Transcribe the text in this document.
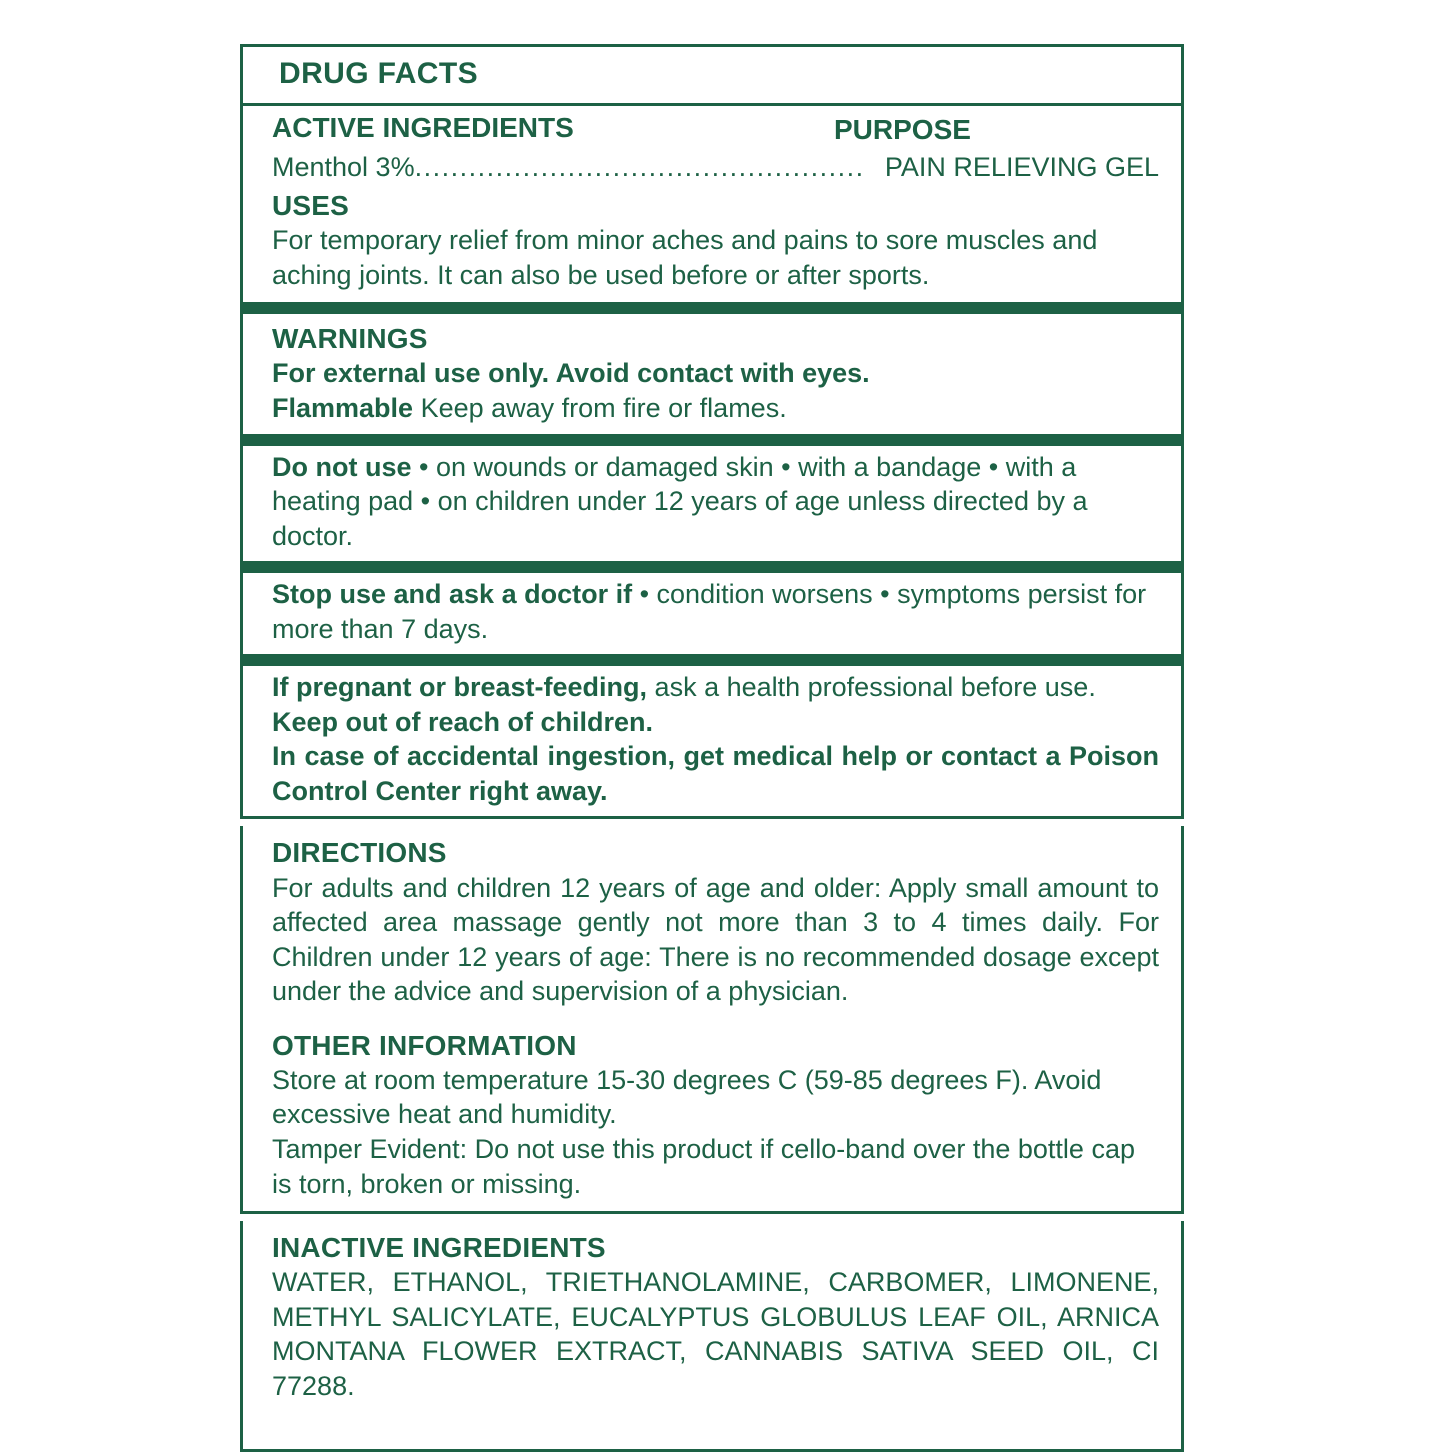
DRUG FACTS
ACTIVE INGREDIENTS	PURPOSE
Menthol 3% .................................................. PAIN RELIEVING GEL
USES

For temporary relief from minor aches and pains to sore muscles and aching joints. It can also be used before or after sports.

WARNINGS

For external use only. Avoid contact with eyes.

Flammable Keep away from fire or flames.

Do not use • on wounds or damaged skin • with a bandage • with a heating pad • on children under 12 years of age unless directed by a doctor.

Stop use and ask a doctor if • condition worsens • symptoms persist for more than 7 days.

If pregnant or breast-feeding, ask a health professional before use.

Keep out of reach of children.

In case of accidental ingestion, get medical help or contact a Poison Control Center right away.

DIRECTIONS

For adults and children 12 years of age and older: Apply small amount to affected area massage gently not more than 3 to 4 times daily. For Children under 12 years of age: There is no recommended dosage except under the advice and supervision of a physician.

OTHER INFORMATION

Store at room temperature 15-30 degrees C (59-85 degrees F). Avoid excessive heat and humidity.

Tamper Evident: Do not use this product if cello-band over the bottle cap is torn, broken or missing.

INACTIVE INGREDIENTS

WATER, ETHANOL, TRIETHANOLAMINE, CARBOMER, LIMONENE, METHYL SALICYLATE, EUCALYPTUS GLOBULUS LEAF OIL, ARNICA MONTANA FLOWER EXTRACT, CANNABIS SATIVA SEED OIL, CI 77288.
